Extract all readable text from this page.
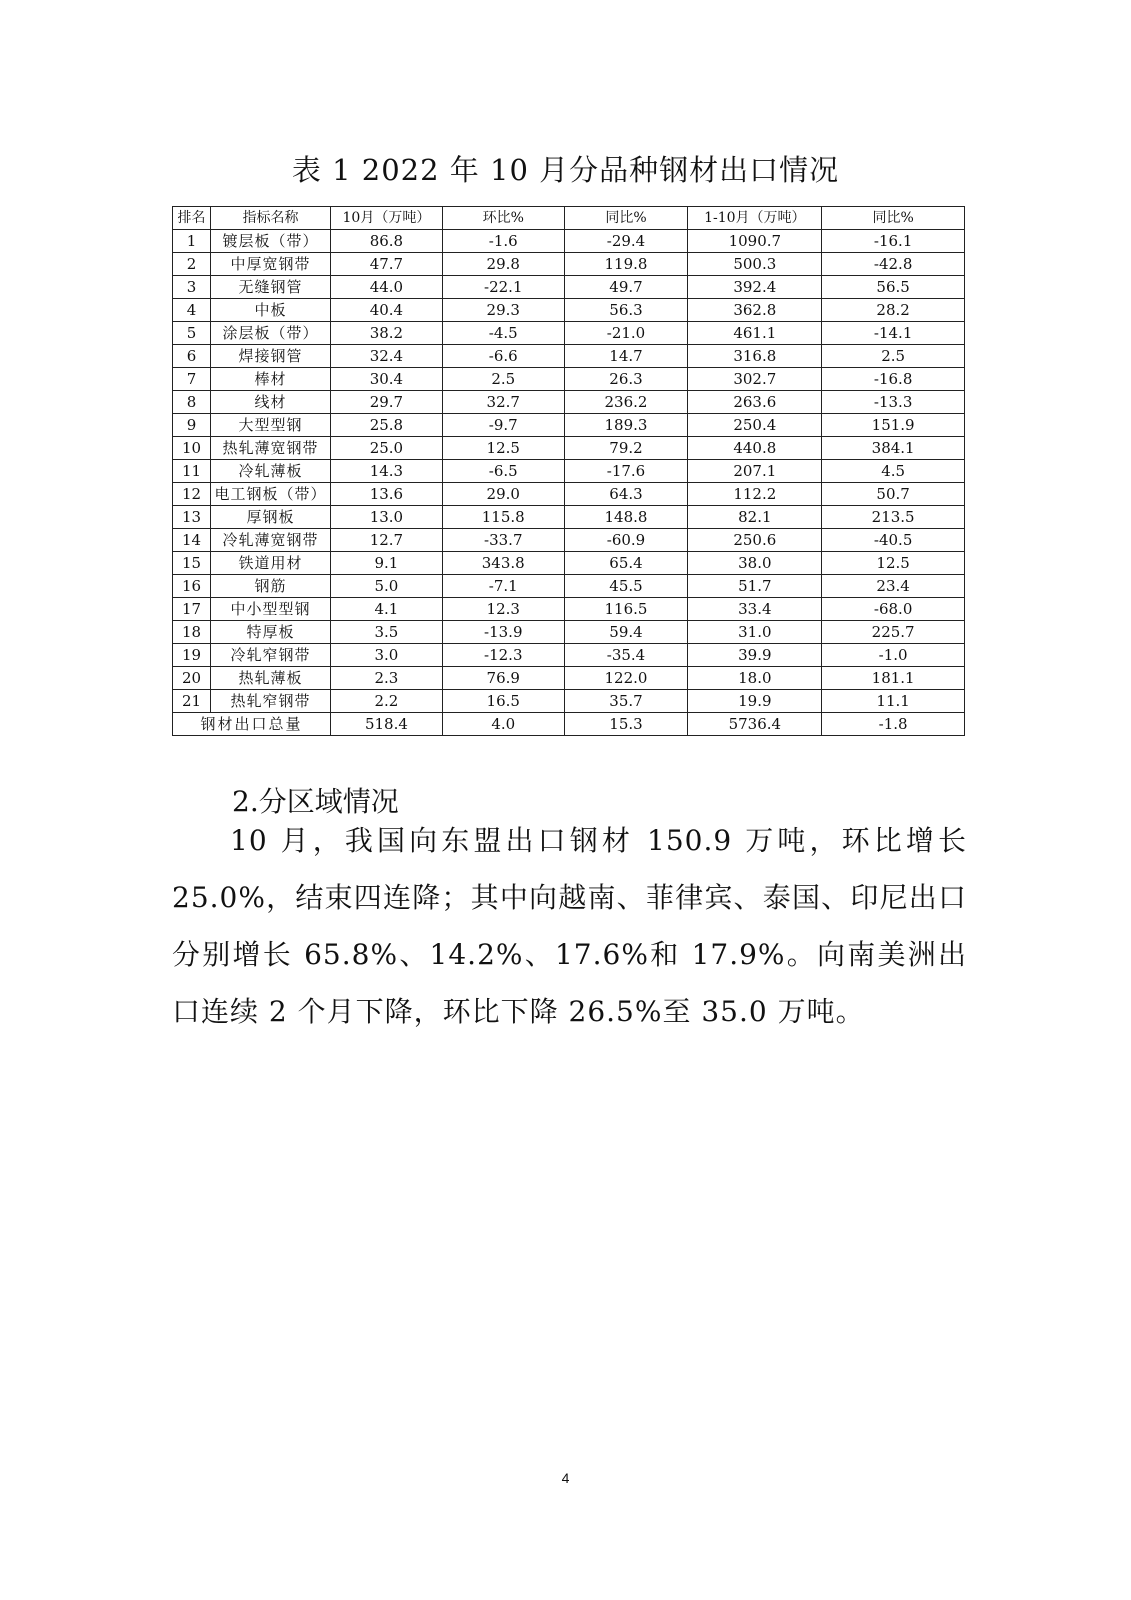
表 1 2022 年 10 月分品种钢材出口情况
排名	指标名称	10月（万吨）	环比%	同比%	1-10月（万吨）	同比%
1	镀层板（带）	86.8	-1.6	-29.4	1090.7	-16.1
2	中厚宽钢带	47.7	29.8	119.8	500.3	-42.8
3	无缝钢管	44.0	-22.1	49.7	392.4	56.5
4	中板	40.4	29.3	56.3	362.8	28.2
5	涂层板（带）	38.2	-4.5	-21.0	461.1	-14.1
6	焊接钢管	32.4	-6.6	14.7	316.8	2.5
7	棒材	30.4	2.5	26.3	302.7	-16.8
8	线材	29.7	32.7	236.2	263.6	-13.3
9	大型型钢	25.8	-9.7	189.3	250.4	151.9
10	热轧薄宽钢带	25.0	12.5	79.2	440.8	384.1
11	冷轧薄板	14.3	-6.5	-17.6	207.1	4.5
12	电工钢板（带）	13.6	29.0	64.3	112.2	50.7
13	厚钢板	13.0	115.8	148.8	82.1	213.5
14	冷轧薄宽钢带	12.7	-33.7	-60.9	250.6	-40.5
15	铁道用材	9.1	343.8	65.4	38.0	12.5
16	钢筋	5.0	-7.1	45.5	51.7	23.4
17	中小型型钢	4.1	12.3	116.5	33.4	-68.0
18	特厚板	3.5	-13.9	59.4	31.0	225.7
19	冷轧窄钢带	3.0	-12.3	-35.4	39.9	-1.0
20	热轧薄板	2.3	76.9	122.0	18.0	181.1
21	热轧窄钢带	2.2	16.5	35.7	19.9	11.1
钢材出口总量		518.4	4.0	15.3	5736.4	-1.8
2.分区域情况
10 月，我国向东盟出口钢材 150.9 万吨，环比增长 25.0%，结束四连降；其中向越南、菲律宾、泰国、印尼出口分别增长 65.8%、14.2%、17.6%和 17.9%。向南美洲出口连续 2 个月下降，环比下降 26.5%至 35.0 万吨。
4
